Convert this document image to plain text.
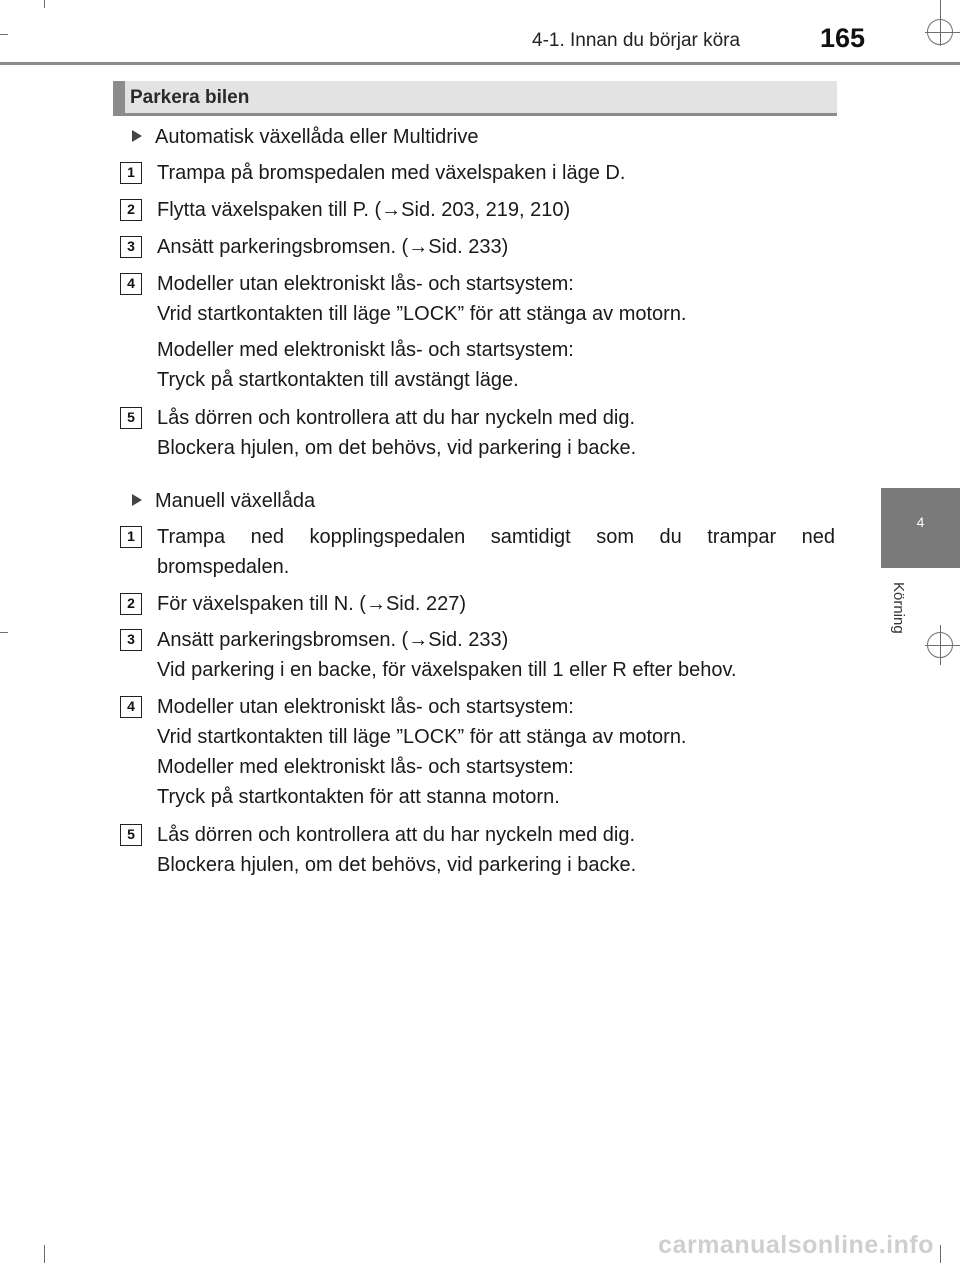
4-1. Innan du börjar köra	165
4
Körning
Parkera bilen
Automatisk växellåda eller Multidrive
1	Trampa på bromspedalen med växelspaken i läge D.
2	Flytta växelspaken till P. (→Sid. 203, 219, 210)
3	Ansätt parkeringsbromsen. (→Sid. 233)
4	Modeller utan elektroniskt lås- och startsystem:
Vrid startkontakten till läge ”LOCK” för att stänga av motorn.
Modeller med elektroniskt lås- och startsystem:
Tryck på startkontakten till avstängt läge.
5	Lås dörren och kontrollera att du har nyckeln med dig.
Blockera hjulen, om det behövs, vid parkering i backe.
Manuell växellåda
1	Trampa ned kopplingspedalen samtidigt som du trampar ned
bromspedalen.
2	För växelspaken till N. (→Sid. 227)
3	Ansätt parkeringsbromsen. (→Sid. 233)
Vid parkering i en backe, för växelspaken till 1 eller R efter behov.
4	Modeller utan elektroniskt lås- och startsystem:
Vrid startkontakten till läge ”LOCK” för att stänga av motorn.
Modeller med elektroniskt lås- och startsystem:
Tryck på startkontakten för att stanna motorn.
5	Lås dörren och kontrollera att du har nyckeln med dig.
Blockera hjulen, om det behövs, vid parkering i backe.
carmanualsonline.info
